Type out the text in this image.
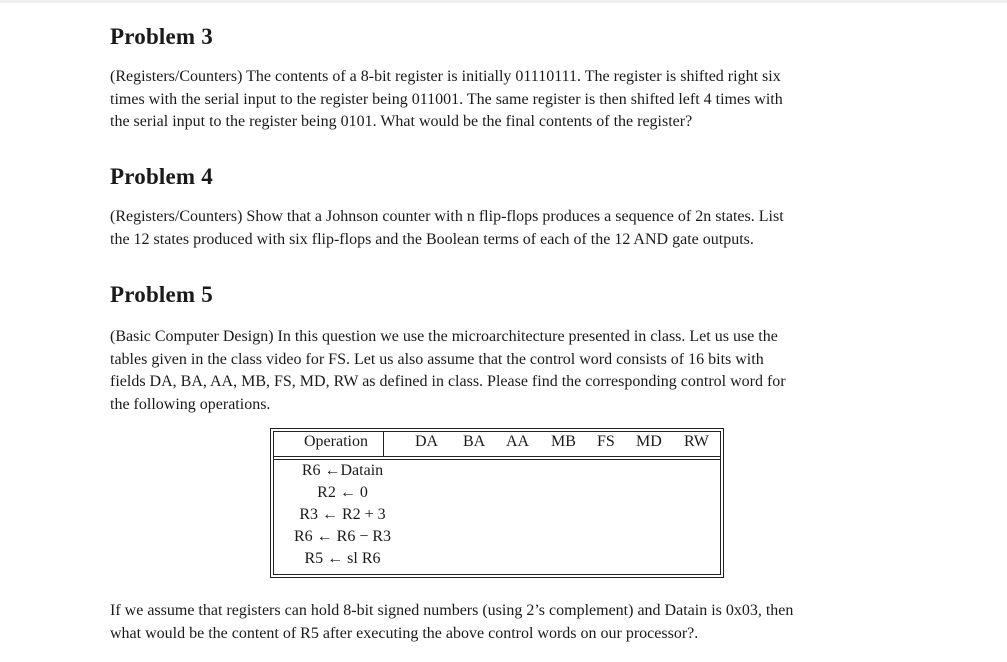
Problem 3
(Registers/Counters) The contents of a 8-bit register is initially 01110111. The register is shifted right six
times with the serial input to the register being 011001. The same register is then shifted left 4 times with
the serial input to the register being 0101. What would be the final contents of the register?
Problem 4
(Registers/Counters) Show that a Johnson counter with n flip-flops produces a sequence of 2n states. List
the 12 states produced with six flip-flops and the Boolean terms of each of the 12 AND gate outputs.
Problem 5
(Basic Computer Design) In this question we use the microarchitecture presented in class. Let us use the
tables given in the class video for FS. Let us also assume that the control word consists of 16 bits with
fields DA, BA, AA, MB, FS, MD, RW as defined in class. Please find the corresponding control word for
the following operations.
Operation	DA BA AA MB FS MD RW
R6 ←Datain
R2 ← 0
R3 ← R2 + 3
R6 ← R6 − R3
R5 ← sl R6
If we assume that registers can hold 8-bit signed numbers (using 2’s complement) and Datain is 0x03, then
what would be the content of R5 after executing the above control words on our processor?.
